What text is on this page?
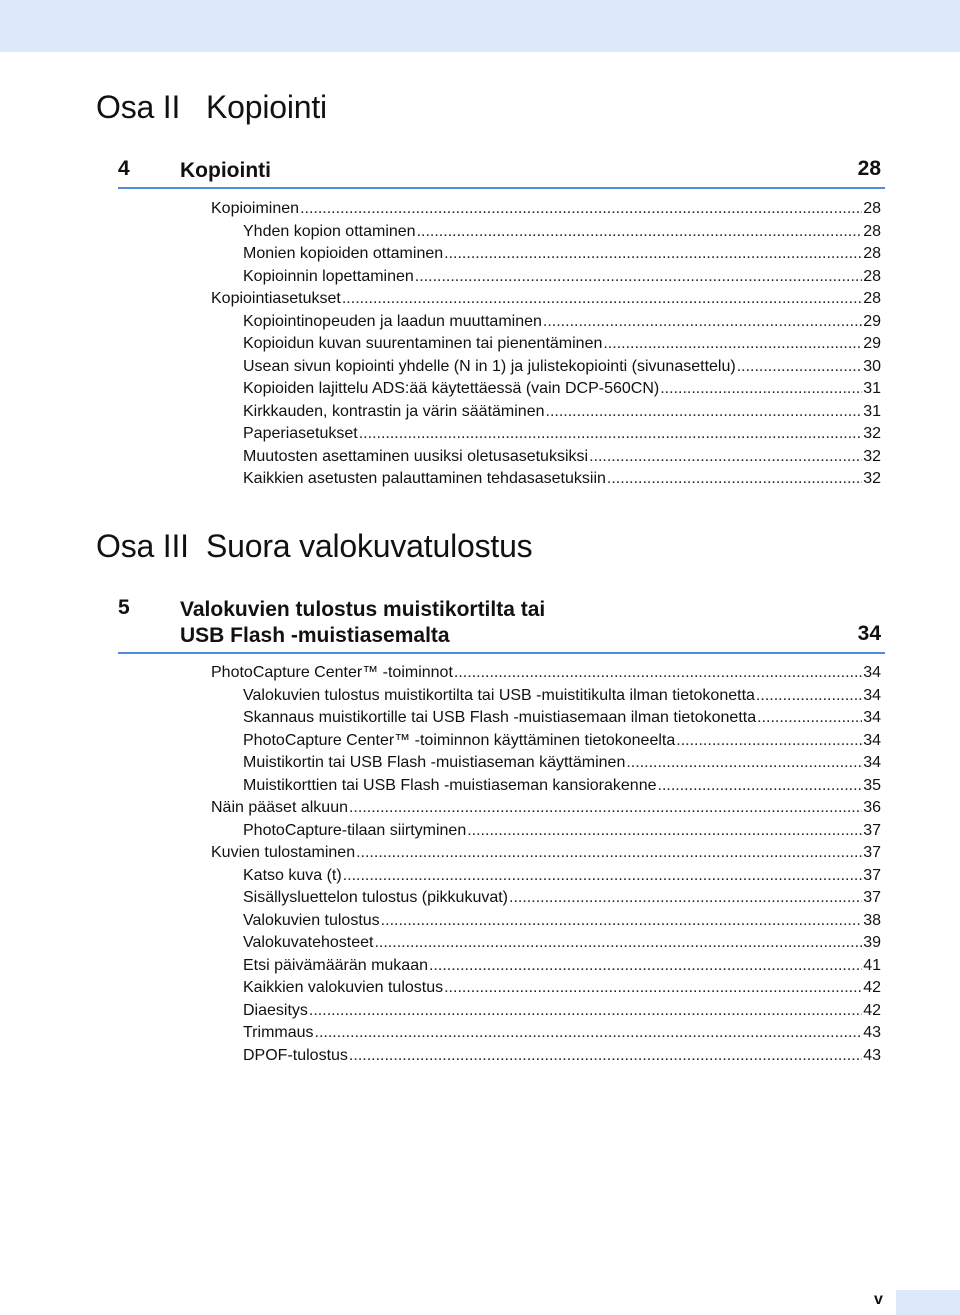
Osa II Kopiointi
4 Kopiointi	28
Kopioiminen .....	28
Yhden kopion ottaminen .....	28
Monien kopioiden ottaminen .....	28
Kopioinnin lopettaminen .....	28
Kopiointiasetukset .....	28
Kopiointinopeuden ja laadun muuttaminen .....	29
Kopioidun kuvan suurentaminen tai pienentäminen .....	29
Usean sivun kopiointi yhdelle (N in 1) ja julistekopiointi (sivunasettelu) .....	30
Kopioiden lajittelu ADS:ää käytettäessä (vain DCP-560CN) .....	31
Kirkkauden, kontrastin ja värin säätäminen .....	31
Paperiasetukset .....	32
Muutosten asettaminen uusiksi oletusasetuksiksi .....	32
Kaikkien asetusten palauttaminen tehdasasetuksiin .....	32
Osa III Suora valokuvatulostus
5 Valokuvien tulostus muistikortilta tai
USB Flash -muistiasemalta	34
PhotoCapture Center™ -toiminnot .....	34
Valokuvien tulostus muistikortilta tai USB -muistitikulta ilman tietokonetta .....	34
Skannaus muistikortille tai USB Flash -muistiasemaan ilman tietokonetta .....	34
PhotoCapture Center™ -toiminnon käyttäminen tietokoneelta .....	34
Muistikortin tai USB Flash -muistiaseman käyttäminen .....	34
Muistikorttien tai USB Flash -muistiaseman kansiorakenne .....	35
Näin pääset alkuun .....	36
PhotoCapture-tilaan siirtyminen .....	37
Kuvien tulostaminen .....	37
Katso kuva (t) .....	37
Sisällysluettelon tulostus (pikkukuvat) .....	37
Valokuvien tulostus .....	38
Valokuvatehosteet .....	39
Etsi päivämäärän mukaan .....	41
Kaikkien valokuvien tulostus .....	42
Diaesitys .....	42
Trimmaus .....	43
DPOF-tulostus .....	43
v
